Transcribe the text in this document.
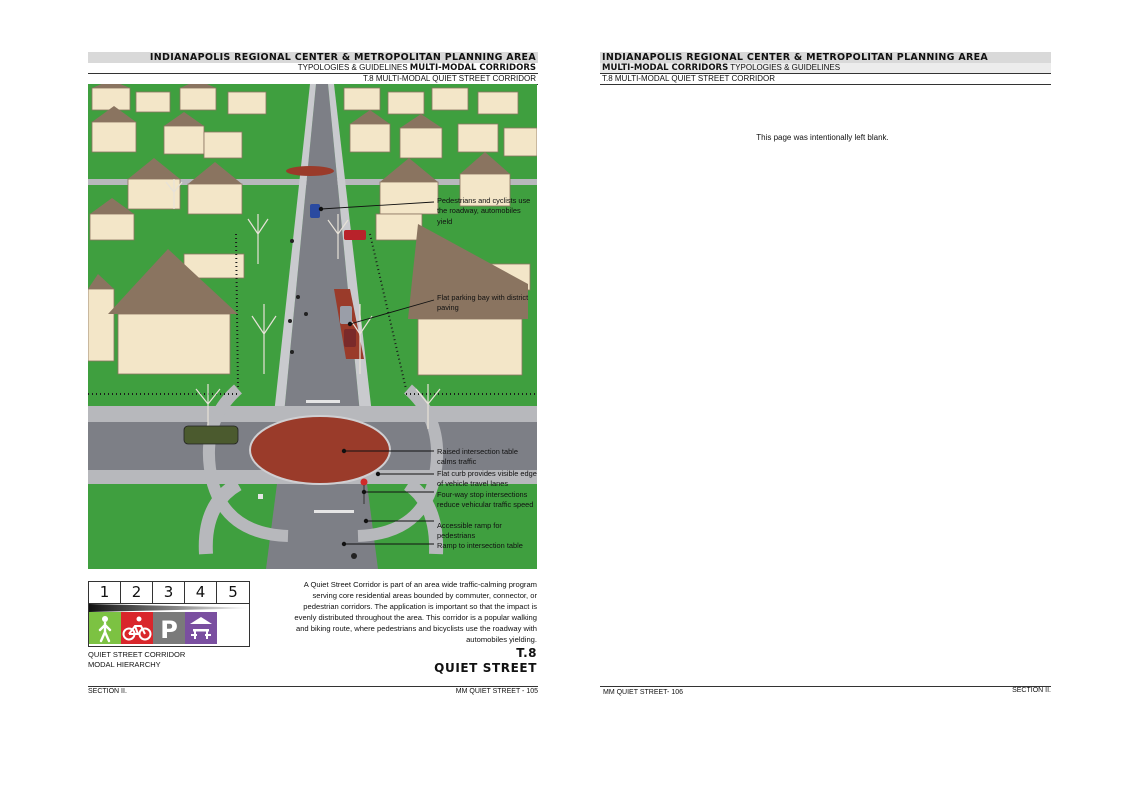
INDIANAPOLIS REGIONAL CENTER & METROPOLITAN PLANNING AREA
TYPOLOGIES & GUIDELINES MULTI-MODAL CORRIDORS
T.8 MULTI-MODAL QUIET STREET CORRIDOR
Pedestrians and cyclists use the roadway, automobiles yield
Flat parking bay with district paving
Raised intersection table calms traffic
Flat curb provides visible edge of vehicle travel lanes
Four-way stop intersections reduce vehicular traffic speed
Accessible ramp for pedestrians
Ramp to intersection table
1	2	3	4	5
P
QUIET STREET CORRIDOR
MODAL HIERARCHY
A Quiet Street Corridor is part of an area wide traffic-calming program serving core residential areas bounded by commuter, connector, or pedestrian corridors. The application is important so that the impact is evenly distributed throughout the area. This corridor is a popular walking and biking route, where pedestrians and bicyclists use the roadway with automobiles yielding.
T.8
QUIET STREET
SECTION II.	MM QUIET STREET - 105
INDIANAPOLIS REGIONAL CENTER & METROPOLITAN PLANNING AREA
MULTI-MODAL CORRIDORS TYPOLOGIES & GUIDELINES
T.8 MULTI-MODAL QUIET STREET CORRIDOR
This page was intentionally left blank.
MM QUIET STREET- 106	SECTION II.
